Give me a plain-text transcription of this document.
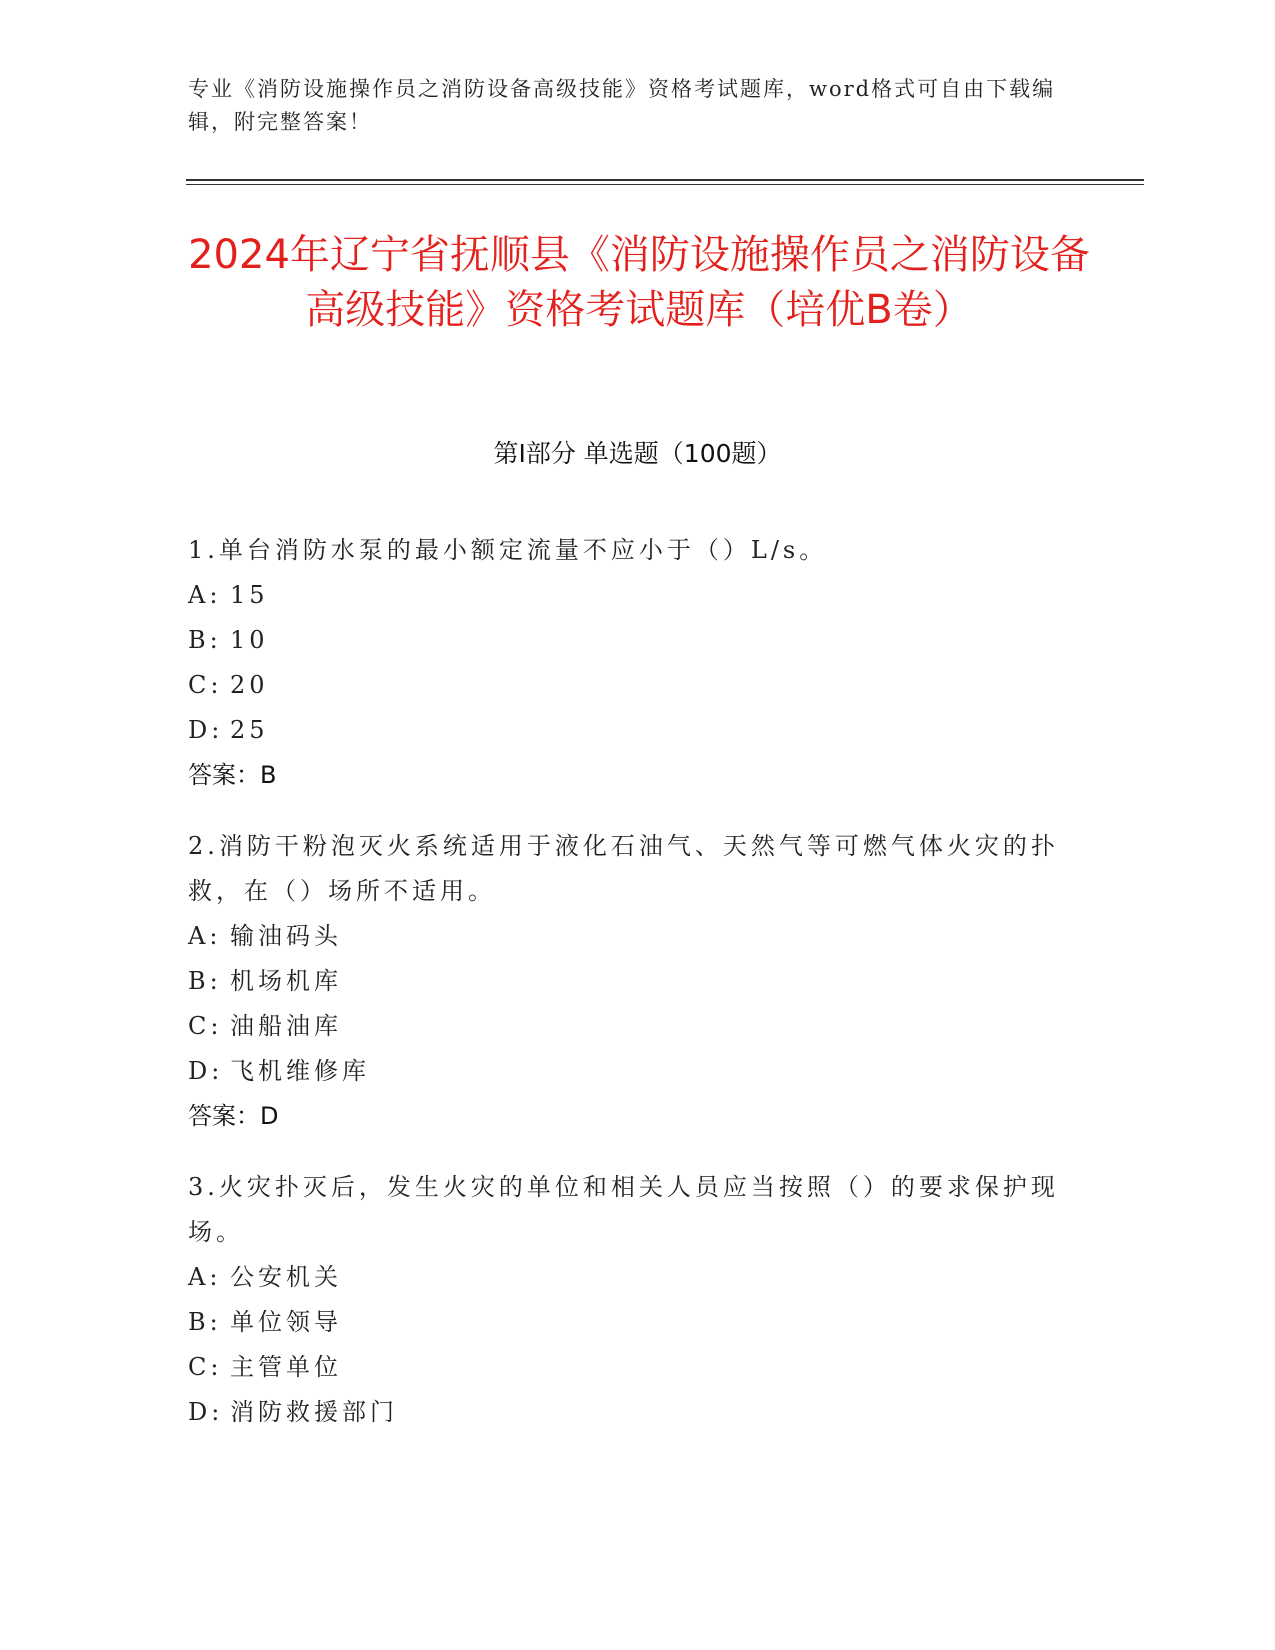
专业《消防设施操作员之消防设备高级技能》资格考试题库，word格式可自由下载编辑，附完整答案！
2024年辽宁省抚顺县《消防设施操作员之消防设备高级技能》资格考试题库（培优B卷）
第Ⅰ部分 单选题（100题）
1.单台消防水泵的最小额定流量不应小于（）L/s。
A: 15
B: 10
C: 20
D: 25
答案：B
2.消防干粉泡灭火系统适用于液化石油气、天然气等可燃气体火灾的扑救，在（）场所不适用。
A: 输油码头
B: 机场机库
C: 油船油库
D: 飞机维修库
答案：D
3.火灾扑灭后，发生火灾的单位和相关人员应当按照（）的要求保护现场。
A: 公安机关
B: 单位领导
C: 主管单位
D: 消防救援部门
